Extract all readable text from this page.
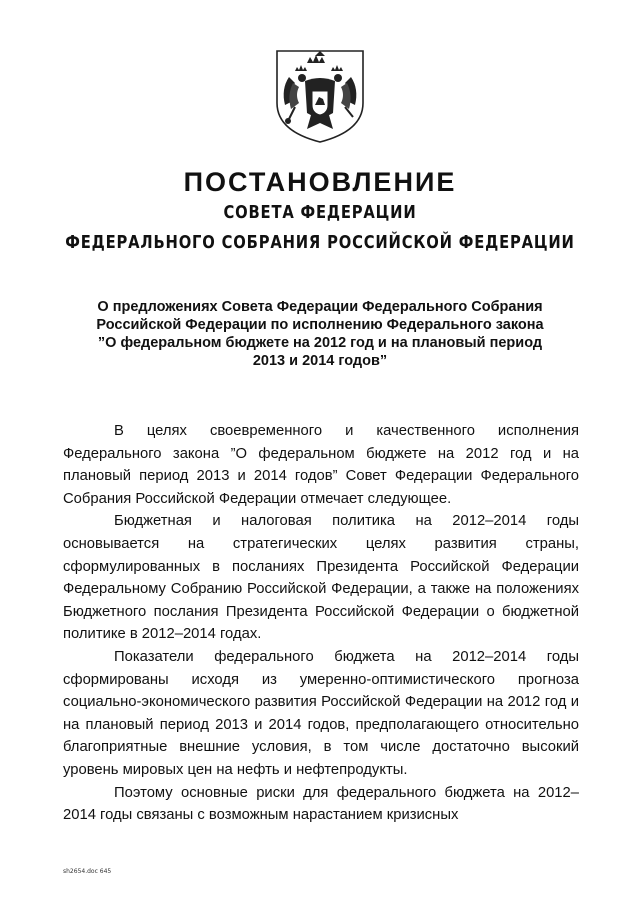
ПОСТАНОВЛЕНИЕ
СОВЕТА ФЕДЕРАЦИИ
ФЕДЕРАЛЬНОГО СОБРАНИЯ РОССИЙСКОЙ ФЕДЕРАЦИИ
О предложениях Совета Федерации Федерального Собрания
Российской Федерации по исполнению Федерального закона
”О федеральном бюджете на 2012 год и на плановый период
2013 и 2014 годов”

В целях своевременного и качественного исполнения Федерального закона ”О федеральном бюджете на 2012 год и на плановый период 2013 и 2014 годов” Совет Федерации Федерального Собрания Российской Федерации отмечает следующее.

Бюджетная и налоговая политика на 2012–2014 годы основывается на стратегических целях развития страны, сформулированных в посланиях Президента Российской Федерации Федеральному Собранию Российской Федерации, а также на положениях Бюджетного послания Президента Российской Федерации о бюджетной политике в 2012–2014 годах.

Показатели федерального бюджета на 2012–2014 годы сформированы исходя из умеренно-оптимистического прогноза социально-экономического развития Российской Федерации на 2012 год и на плановый период 2013 и 2014 годов, предполагающего относительно благоприятные внешние условия, в том числе достаточно высокий уровень мировых цен на нефть и нефтепродукты.

Поэтому основные риски для федерального бюджета на 2012–2014 годы связаны с возможным нарастанием кризисных

sh2654.doc 645
